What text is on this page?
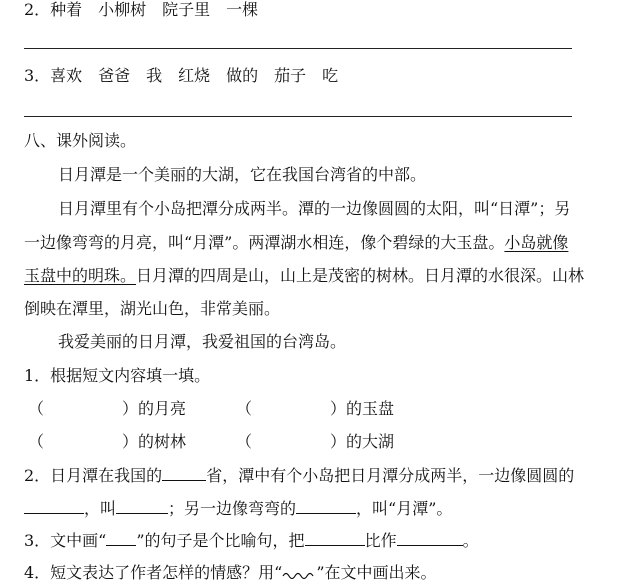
2．种着　小柳树　院子里　一棵
3．喜欢　爸爸　我　红烧　做的　茄子　吃
八、课外阅读。
日月潭是一个美丽的大湖，它在我国台湾省的中部。
日月潭里有个小岛把潭分成两半。潭的一边像圆圆的太阳，叫“日潭”；另
一边像弯弯的月亮，叫“月潭”。两潭湖水相连，像个碧绿的大玉盘。小岛就像
玉盘中的明珠。日月潭的四周是山，山上是茂密的树林。日月潭的水很深。山林
倒映在潭里，湖光山色，非常美丽。
我爱美丽的日月潭，我爱祖国的台湾岛。
1．根据短文内容填一填。
（	）的月亮	（	）的玉盘
（	）的树林	（	）的大湖
2．日月潭在我国的	省，潭中有个小岛把日月潭分成两半，一边像圆圆的
，叫	；另一边像弯弯的	，叫“月潭”。
3．文中画“ ”的句子是个比喻句，把	比作	。
4．短文表达了作者怎样的情感？用“ ”在文中画出来。
